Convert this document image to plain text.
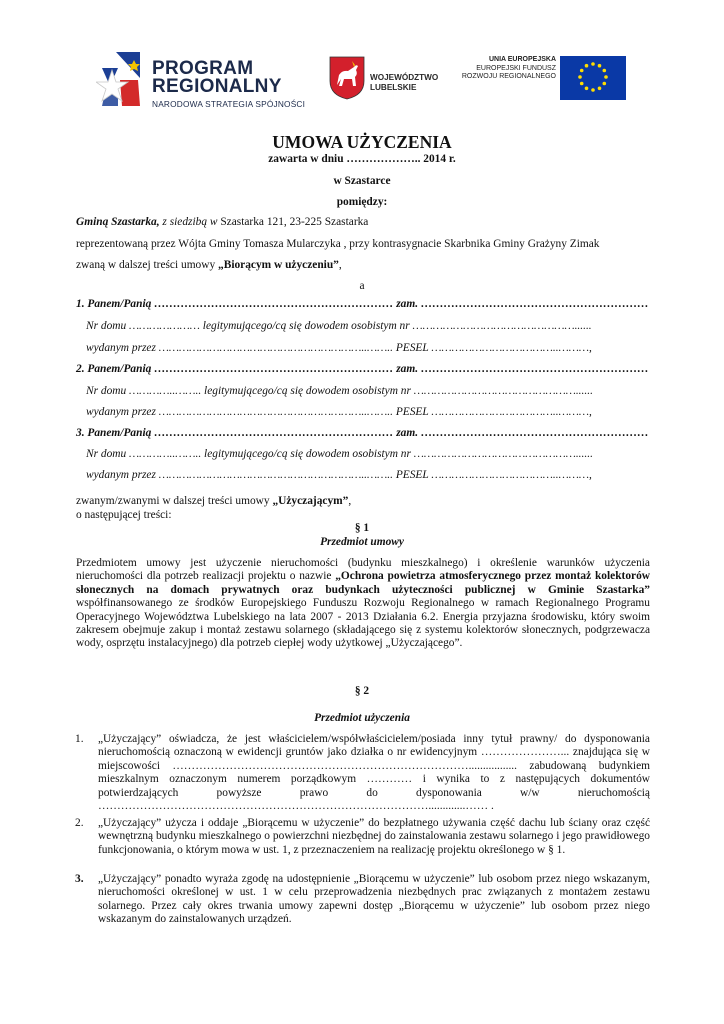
PROGRAM
REGIONALNY
NARODOWA STRATEGIA SPÓJNOŚCI
WOJEWÓDZTWO
LUBELSKIE
UNIA EUROPEJSKA
EUROPEJSKI FUNDUSZ
ROZWOJU REGIONALNEGO
UMOWA UŻYCZENIA
zawarta w dniu ……………….. 2014 r.
w Szastarce
pomiędzy:
Gminą Szastarka, z siedzibą w Szastarka 121, 23-225 Szastarka
reprezentowaną przez Wójta Gminy Tomasza Mularczyka , przy kontrasygnacie Skarbnika Gminy Grażyny Zimak
zwaną w dalszej treści umowy „Biorącym w użyczeniu”,
a
1. Panem/Panią ……………………………………………………… zam. ……………………………………………………
Nr domu ………………… legitymującego/cą się dowodem osobistym nr …………………………………………......
wydanym przez ……………………………………………………..…….. PESEL ………………………………..………,
2. Panem/Panią ……………………………………………………… zam. ……………………………………………………
Nr domu …………..…….. legitymującego/cą się dowodem osobistym nr …………………………………………......
wydanym przez ……………………………………………………..…….. PESEL ………………………………..………,
3. Panem/Panią ……………………………………………………… zam. ……………………………………………………
Nr domu …………..…….. legitymującego/cą się dowodem osobistym nr …………………………………………......
wydanym przez ……………………………………………………..…….. PESEL ………………………………..………,
zwanym/zwanymi w dalszej treści umowy „Użyczającym”,
o następującej treści:
§ 1
Przedmiot umowy
Przedmiotem umowy jest użyczenie nieruchomości (budynku mieszkalnego) i określenie warunków użyczenia nieruchomości dla potrzeb realizacji projektu o nazwie „Ochrona powietrza atmosferycznego przez montaż kolektorów słonecznych na domach prywatnych oraz budynkach użyteczności publicznej w Gminie Szastarka” współfinansowanego ze środków Europejskiego Funduszu Rozwoju Regionalnego w ramach Regionalnego Programu Operacyjnego Województwa Lubelskiego na lata 2007 - 2013 Działania 6.2. Energia przyjazna środowisku, który swoim zakresem obejmuje zakup i montaż zestawu solarnego (składającego się z systemu kolektorów słonecznych, podgrzewacza wody, osprzętu instalacyjnego) dla potrzeb ciepłej wody użytkowej „Użyczającego”.
§ 2
Przedmiot użyczenia
1. „Użyczający” oświadcza, że jest właścicielem/współwłaścicielem/posiada inny tytuł prawny/ do dysponowania nieruchomością oznaczoną w ewidencji gruntów jako działka o nr ewidencyjnym …………………... znajdująca się w miejscowości ……………………………………………………………………................. zabudowaną budynkiem mieszkalnym oznaczonym numerem porządkowym ………… i wynika to z następujących dokumentów potwierdzających powyższe prawo do dysponowania w/w nieruchomością …………………………………………………………………………….............…… .
2. „Użyczający” użycza i oddaje „Biorącemu w użyczenie” do bezpłatnego używania część dachu lub ściany oraz część wewnętrzną budynku mieszkalnego o powierzchni niezbędnej do zainstalowania zestawu solarnego i jego prawidłowego funkcjonowania, o którym mowa w ust. 1, z przeznaczeniem na realizację projektu określonego w § 1.
3. „Użyczający” ponadto wyraża zgodę na udostępnienie „Biorącemu w użyczenie” lub osobom przez niego wskazanym, nieruchomości określonej w ust. 1 w celu przeprowadzenia niezbędnych prac związanych z montażem zestawu solarnego. Przez cały okres trwania umowy zapewni dostęp „Biorącemu w użyczenie” lub osobom przez niego wskazanym do zainstalowanych urządzeń.
